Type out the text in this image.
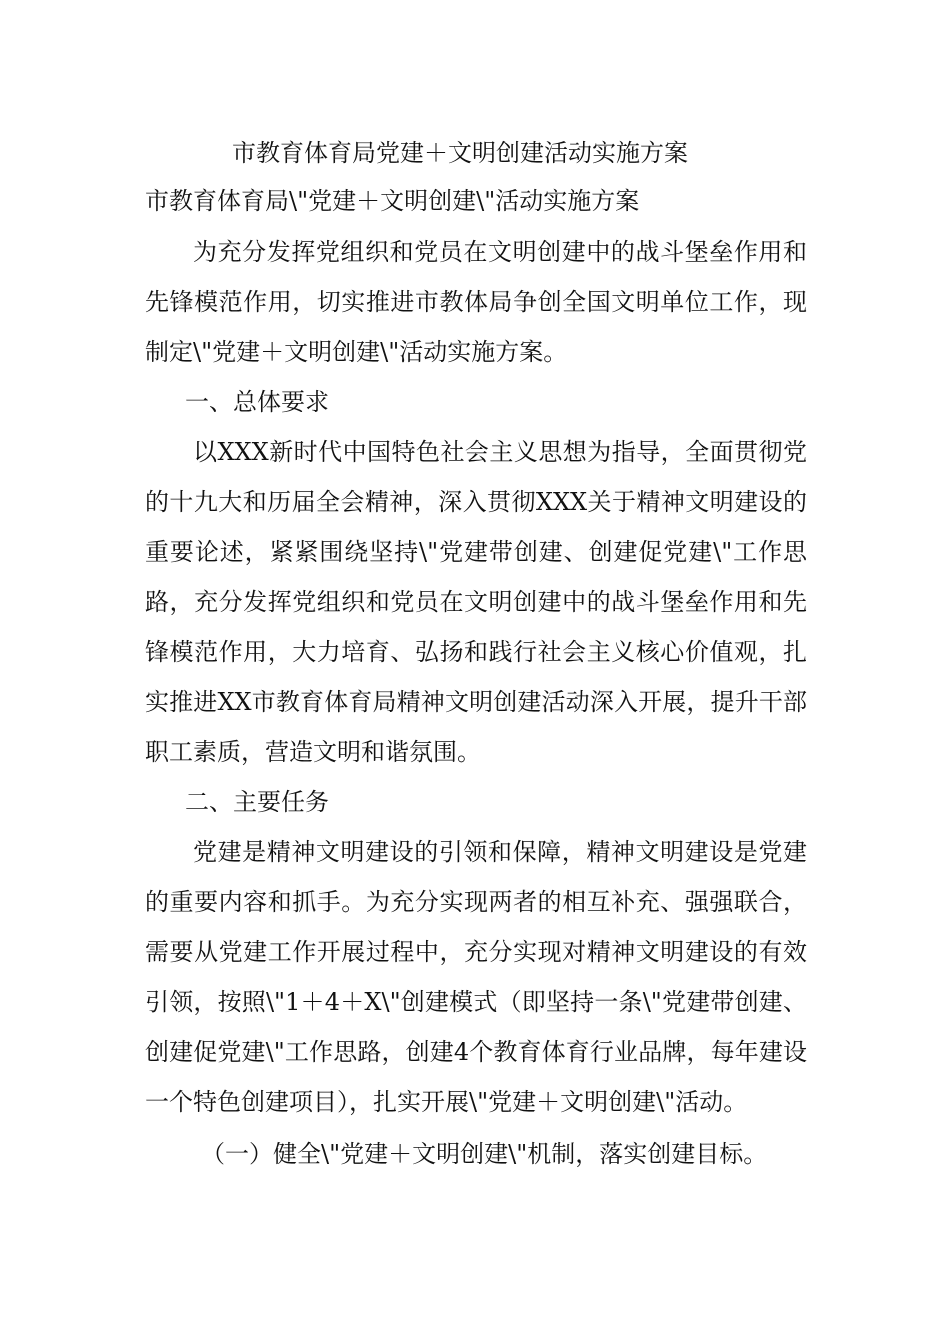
市教育体育局党建＋文明创建活动实施方案
市教育体育局\"党建＋文明创建\"活动实施方案

为充分发挥党组织和党员在文明创建中的战斗堡垒作用和先锋模范作用，切实推进市教体局争创全国文明单位工作，现制定\"党建＋文明创建\"活动实施方案。

一、总体要求

以XXX新时代中国特色社会主义思想为指导，全面贯彻党的十九大和历届全会精神，深入贯彻XXX关于精神文明建设的重要论述，紧紧围绕坚持\"党建带创建、创建促党建\"工作思路，充分发挥党组织和党员在文明创建中的战斗堡垒作用和先锋模范作用，大力培育、弘扬和践行社会主义核心价值观，扎实推进XX市教育体育局精神文明创建活动深入开展，提升干部职工素质，营造文明和谐氛围。

二、主要任务

党建是精神文明建设的引领和保障，精神文明建设是党建的重要内容和抓手。为充分实现两者的相互补充、强强联合，需要从党建工作开展过程中，充分实现对精神文明建设的有效引领，按照\"1＋4＋X\"创建模式（即坚持一条\"党建带创建、创建促党建\"工作思路，创建4个教育体育行业品牌，每年建设一个特色创建项目），扎实开展\"党建＋文明创建\"活动。

（一）健全\"党建＋文明创建\"机制，落实创建目标。
